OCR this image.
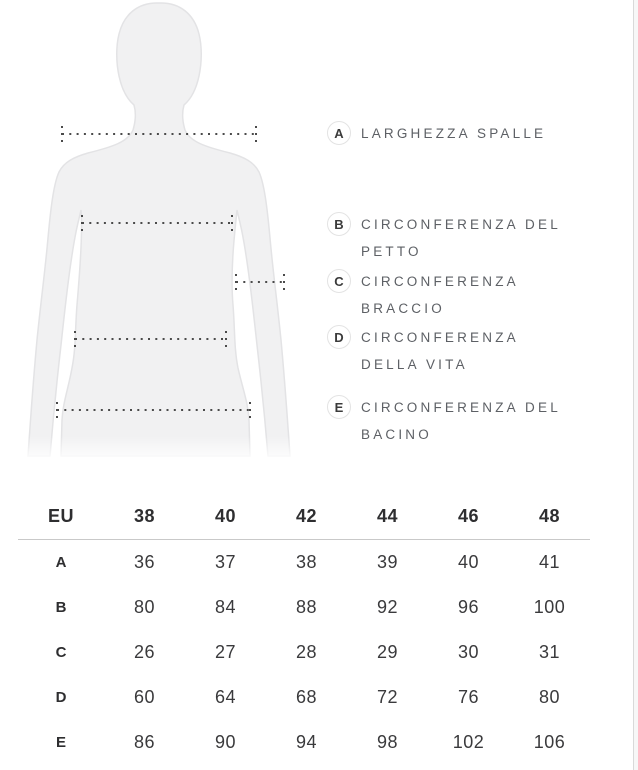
A	LARGHEZZA SPALLE
B	CIRCONFERENZA DEL
PETTO
C	CIRCONFERENZA
BRACCIO
D	CIRCONFERENZA
DELLA VITA
E	CIRCONFERENZA DEL
BACINO
EU	38	40	42	44	46	48
A	36	37	38	39	40	41
B	80	84	88	92	96	100
C	26	27	28	29	30	31
D	60	64	68	72	76	80
E	86	90	94	98	102	106
